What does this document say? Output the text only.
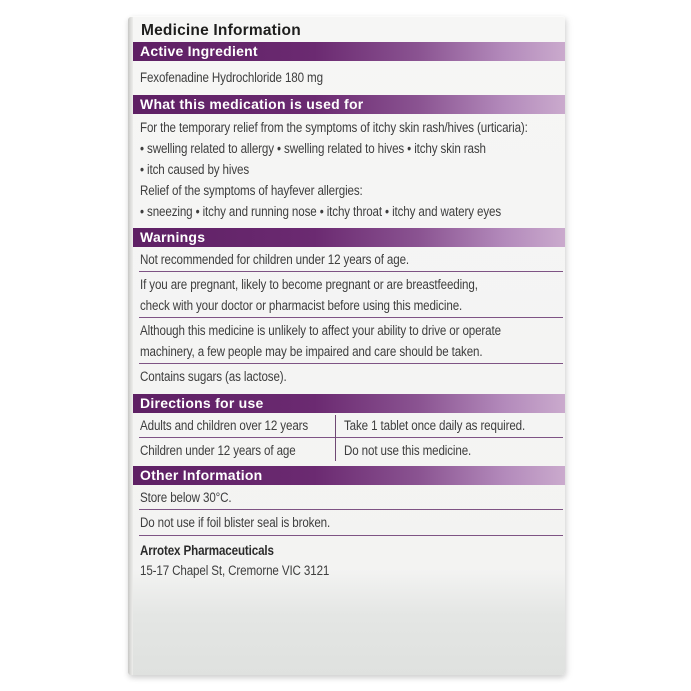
Medicine Information
Active Ingredient
Fexofenadine Hydrochloride 180 mg
What this medication is used for
For the temporary relief from the symptoms of itchy skin rash/hives (urticaria):
• swelling related to allergy • swelling related to hives • itchy skin rash
• itch caused by hives
Relief of the symptoms of hayfever allergies:
• sneezing • itchy and running nose • itchy throat • itchy and watery eyes
Warnings
Not recommended for children under 12 years of age.
If you are pregnant, likely to become pregnant or are breastfeeding,
check with your doctor or pharmacist before using this medicine.
Although this medicine is unlikely to affect your ability to drive or operate
machinery, a few people may be impaired and care should be taken.
Contains sugars (as lactose).
Directions for use
Adults and children over 12 years	Take 1 tablet once daily as required.
Children under 12 years of age	Do not use this medicine.
Other Information
Store below 30°C.
Do not use if foil blister seal is broken.
Arrotex Pharmaceuticals
15-17 Chapel St, Cremorne VIC 3121
